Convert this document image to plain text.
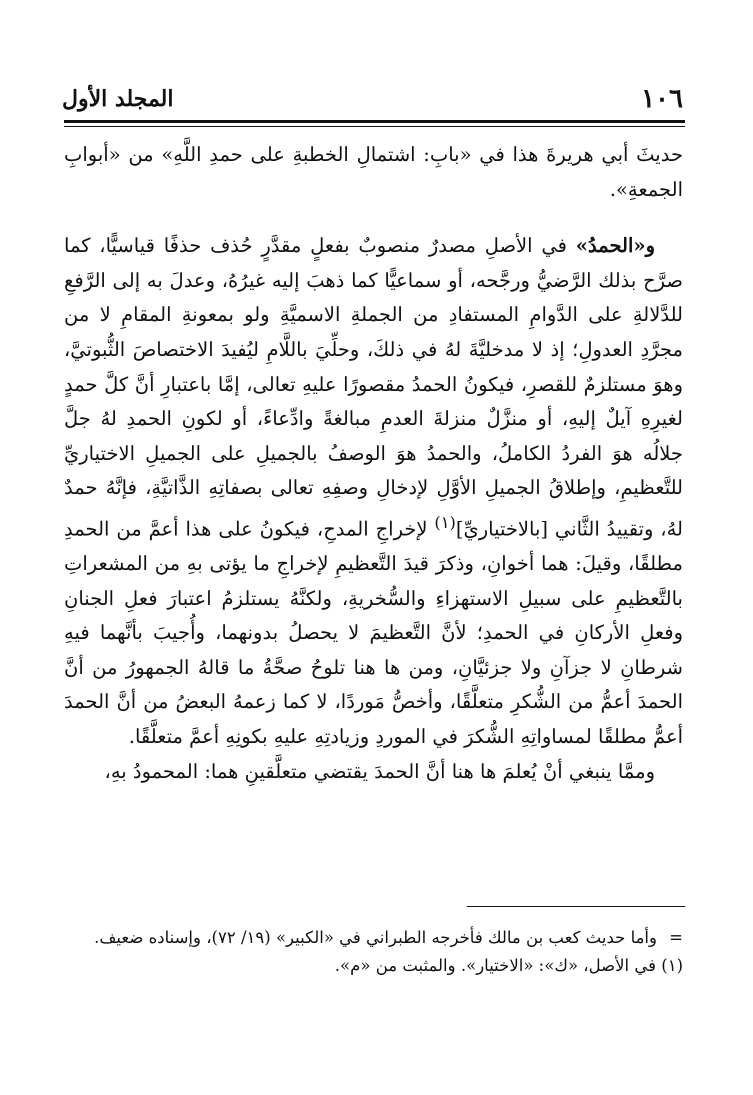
١٠٦
المجلد الأول

حديثَ أبي هريرةَ هذا في «بابِ: اشتمالِ الخطبةِ على حمدِ اللَّهِ» من «أبوابِ الجمعةِ».

و«الحمدُ» في الأصلِ مصدرٌ منصوبٌ بفعلٍ مقدَّرٍ حُذف حذفًا قياسيًّا، كما صرَّح بذلك الرَّضيُّ ورجَّحه، أو سماعيًّا كما ذهبَ إليه غيرُهُ، وعدلَ به إلى الرَّفعِ للدَّلالةِ على الدَّوامِ المستفادِ من الجملةِ الاسميَّةِ ولو بمعونةِ المقامِ لا من مجرَّدِ العدولِ؛ إذ لا مدخليَّةَ لهُ في ذلكَ، وحلِّيَ باللَّامِ ليُفيدَ الاختصاصَ الثُّبوتيَّ، وهوَ مستلزمٌ للقصرِ، فيكونُ الحمدُ مقصورًا عليهِ تعالى، إمَّا باعتبارِ أنَّ كلَّ حمدٍ لغيرِهِ آيلٌ إليهِ، أو منزَّلٌ منزلةَ العدمِ مبالغةً وادِّعاءً، أو لكونِ الحمدِ لهُ جلَّ جلالُه هوَ الفردُ الكاملُ، والحمدُ هوَ الوصفُ بالجميلِ على الجميلِ الاختياريِّ للتَّعظيمِ، وإطلاقُ الجميلِ الأوَّلِ لإدخالِ وصفِهِ تعالى بصفاتِهِ الذَّاتيَّةِ، فإنَّهُ حمدٌ لهُ، وتقييدُ الثَّاني [بالاختياريِّ]$^{(١)}$ لإخراجِ المدحِ، فيكونُ على هذا أعمَّ من الحمدِ مطلقًا، وقيلَ: هما أخوانِ، وذكرَ قيدَ التَّعظيمِ لإخراجِ ما يؤتى بهِ من المشعراتِ بالتَّعظيمِ على سبيلِ الاستهزاءِ والسُّخريةِ، ولكنَّهُ يستلزمُ اعتبارَ فعلِ الجنانِ وفعلِ الأركانِ في الحمدِ؛ لأنَّ التَّعظيمَ لا يحصلُ بدونهما، وأُجيبَ بأنَّهما فيهِ شرطانِ لا جزآنِ ولا جزئيَّانِ، ومن ها هنا تلوحُ صحَّةُ ما قالهُ الجمهورُ من أنَّ الحمدَ أعمُّ من الشُّكرِ متعلَّقًا، وأخصُّ مَوردًا، لا كما زعمهُ البعضُ من أنَّ الحمدَ أعمُّ مطلقًا لمساواتِهِ الشُّكرَ في الموردِ وزيادتِهِ عليهِ بكونِهِ أعمَّ متعلَّقًا.

وممَّا ينبغي أنْ يُعلمَ ها هنا أنَّ الحمدَ يقتضي متعلَّقينِ هما: المحمودُ بهِ،

=وأما حديث كعب بن مالك فأخرجه الطبراني في «الكبير» (١٩/ ٧٢)، وإسناده ضعيف.

(١) في الأصل، «ك»: «الاختيار». والمثبت من «م».
